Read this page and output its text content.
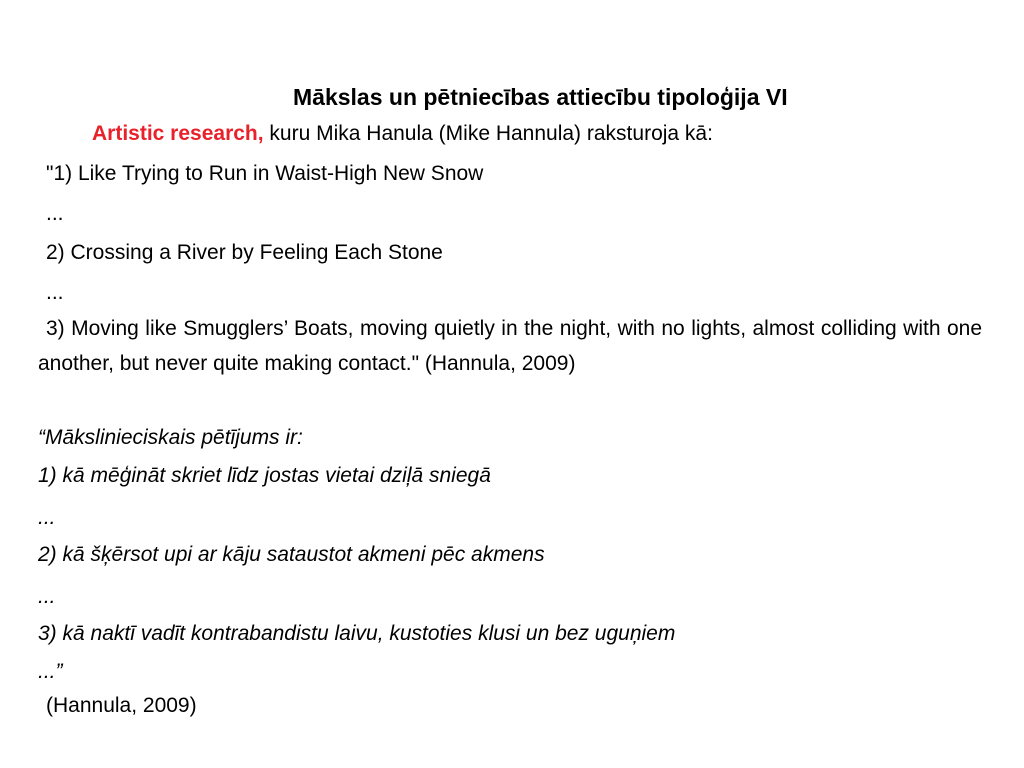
Mākslas un pētniecības attiecību tipoloģija VI
Artistic research, kuru Mika Hanula (Mike Hannula) raksturoja kā:
"1) Like Trying to Run in Waist-High New Snow
...
2) Crossing a River by Feeling Each Stone
...
3) Moving like Smugglers’ Boats, moving quietly in the night, with no lights, almost colliding with one another, but never quite making contact." (Hannula, 2009)
“Mākslinieciskais pētījums ir:
1) kā mēģināt skriet līdz jostas vietai dziļā sniegā
...
2) kā šķērsot upi ar kāju sataustot akmeni pēc akmens
...
3) kā naktī vadīt kontrabandistu laivu, kustoties klusi un bez uguņiem
...”
(Hannula, 2009)
